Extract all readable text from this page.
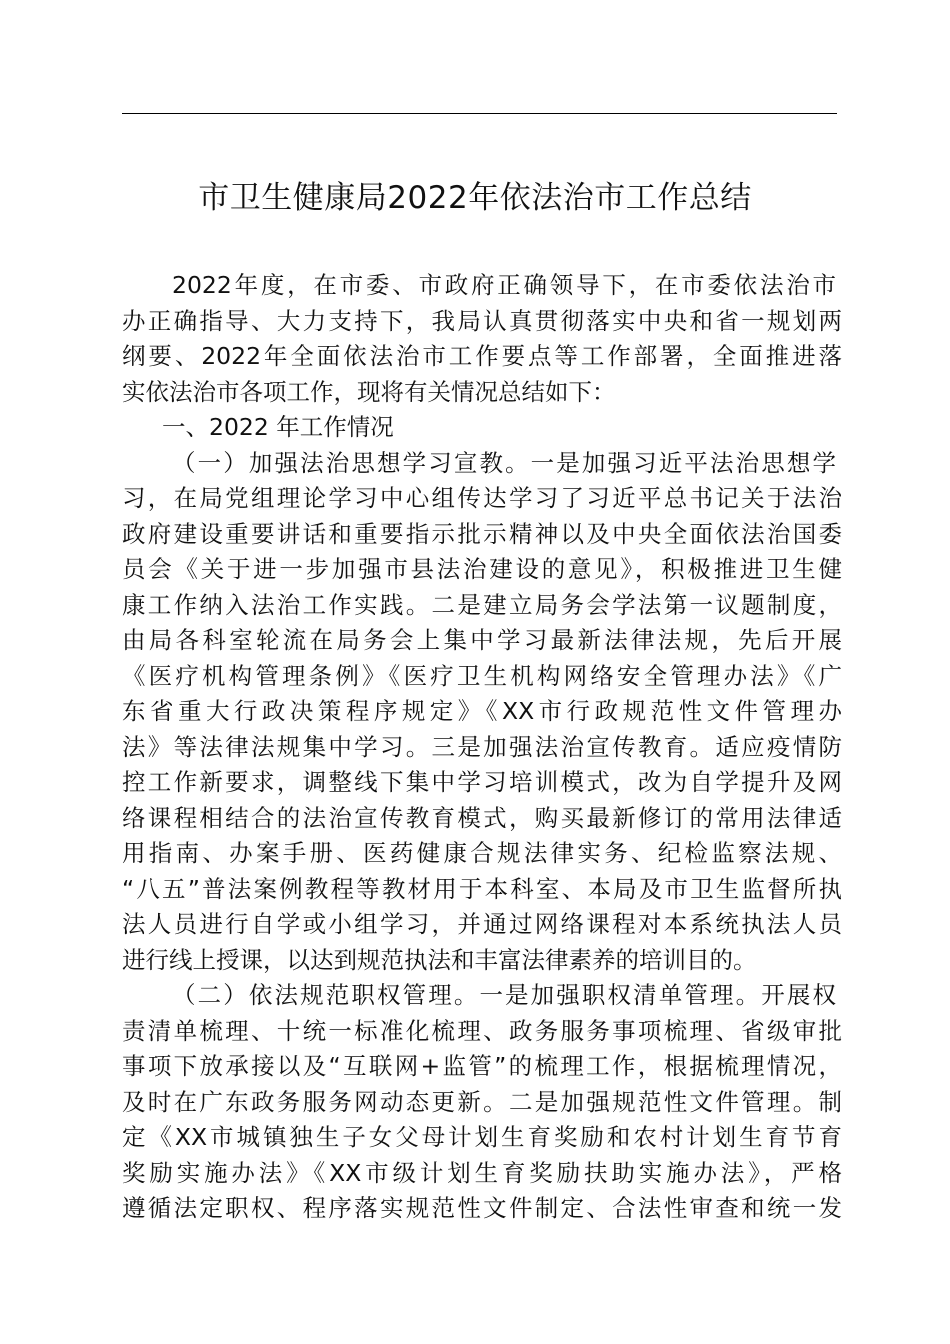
市卫生健康局2022年依法治市工作总结

2022年度，在市委、市政府正确领导下，在市委依法治市

办正确指导、大力支持下，我局认真贯彻落实中央和省一规划两

纲要、2022年全面依法治市工作要点等工作部署，全面推进落

实依法治市各项工作，现将有关情况总结如下：

一、2022 年工作情况

（一）加强法治思想学习宣教。一是加强习近平法治思想学

习，在局党组理论学习中心组传达学习了习近平总书记关于法治

政府建设重要讲话和重要指示批示精神以及中央全面依法治国委

员会《关于进一步加强市县法治建设的意见》，积极推进卫生健

康工作纳入法治工作实践。二是建立局务会学法第一议题制度，

由局各科室轮流在局务会上集中学习最新法律法规，先后开展

《医疗机构管理条例》《医疗卫生机构网络安全管理办法》《广

东省重大行政决策程序规定》《XX市行政规范性文件管理办

法》等法律法规集中学习。三是加强法治宣传教育。适应疫情防

控工作新要求，调整线下集中学习培训模式，改为自学提升及网

络课程相结合的法治宣传教育模式，购买最新修订的常用法律适

用指南、办案手册、医药健康合规法律实务、纪检监察法规、

“八五”普法案例教程等教材用于本科室、本局及市卫生监督所执

法人员进行自学或小组学习，并通过网络课程对本系统执法人员

进行线上授课，以达到规范执法和丰富法律素养的培训目的。

（二）依法规范职权管理。一是加强职权清单管理。开展权

责清单梳理、十统一标准化梳理、政务服务事项梳理、省级审批

事项下放承接以及“互联网+监管”的梳理工作，根据梳理情况，

及时在广东政务服务网动态更新。二是加强规范性文件管理。制

定《XX市城镇独生子女父母计划生育奖励和农村计划生育节育

奖励实施办法》《XX市级计划生育奖励扶助实施办法》，严格

遵循法定职权、程序落实规范性文件制定、合法性审查和统一发
